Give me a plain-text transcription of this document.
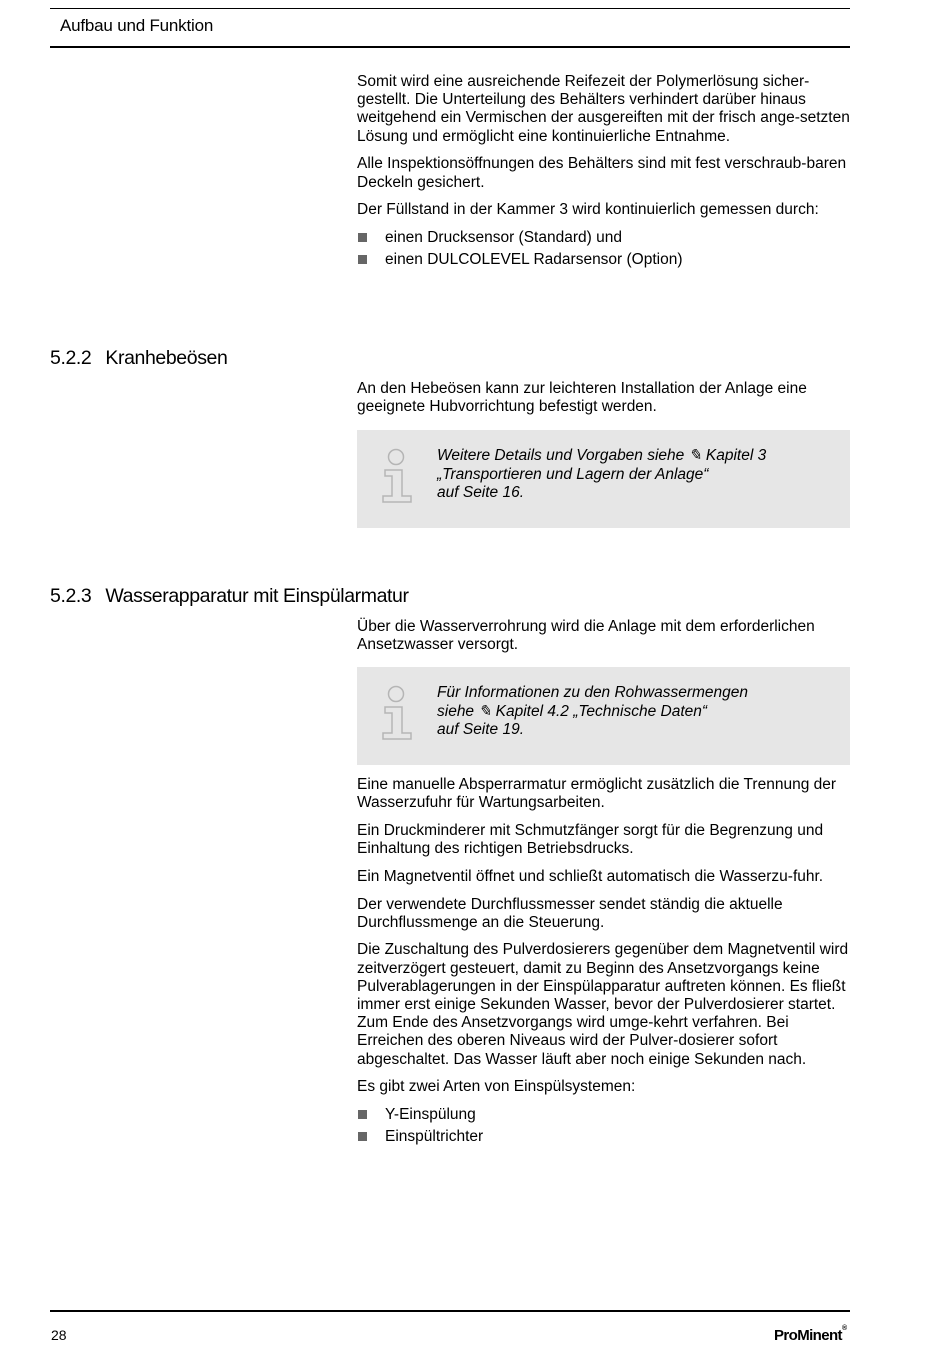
Aufbau und Funktion

Somit wird eine ausreichende Reifezeit der Polymerlösung sicher-gestellt. Die Unterteilung des Behälters verhindert darüber hinaus weitgehend ein Vermischen der ausgereiften mit der frisch ange-setzten Lösung und ermöglicht eine kontinuierliche Entnahme.

Alle Inspektionsöffnungen des Behälters sind mit fest verschraub-baren Deckeln gesichert.

Der Füllstand in der Kammer 3 wird kontinuierlich gemessen durch:

einen Drucksensor (Standard) und
einen DULCOLEVEL Radarsensor (Option)
5.2.2 Kranhebeösen

An den Hebeösen kann zur leichteren Installation der Anlage eine geeignete Hubvorrichtung befestigt werden.

Weitere Details und Vorgaben siehe ✎ Kapitel 3
„Transportieren und Lagern der Anlage“
auf Seite 16.
5.2.3 Wasserapparatur mit Einspülarmatur

Über die Wasserverrohrung wird die Anlage mit dem erforderlichen Ansetzwasser versorgt.

Für Informationen zu den Rohwassermengen
siehe ✎ Kapitel 4.2 „Technische Daten“
auf Seite 19.

Eine manuelle Absperrarmatur ermöglicht zusätzlich die Trennung der Wasserzufuhr für Wartungsarbeiten.

Ein Druckminderer mit Schmutzfänger sorgt für die Begrenzung und Einhaltung des richtigen Betriebsdrucks.

Ein Magnetventil öffnet und schließt automatisch die Wasserzu-fuhr.

Der verwendete Durchflussmesser sendet ständig die aktuelle Durchflussmenge an die Steuerung.

Die Zuschaltung des Pulverdosierers gegenüber dem Magnetventil wird zeitverzögert gesteuert, damit zu Beginn des Ansetzvorgangs keine Pulverablagerungen in der Einspülapparatur auftreten können. Es fließt immer erst einige Sekunden Wasser, bevor der Pulverdosierer startet. Zum Ende des Ansetzvorgangs wird umge-kehrt verfahren. Bei Erreichen des oberen Niveaus wird der Pulver-dosierer sofort abgeschaltet. Das Wasser läuft aber noch einige Sekunden nach.

Es gibt zwei Arten von Einspülsystemen:

Y-Einspülung
Einspültrichter
28	ProMinent®
